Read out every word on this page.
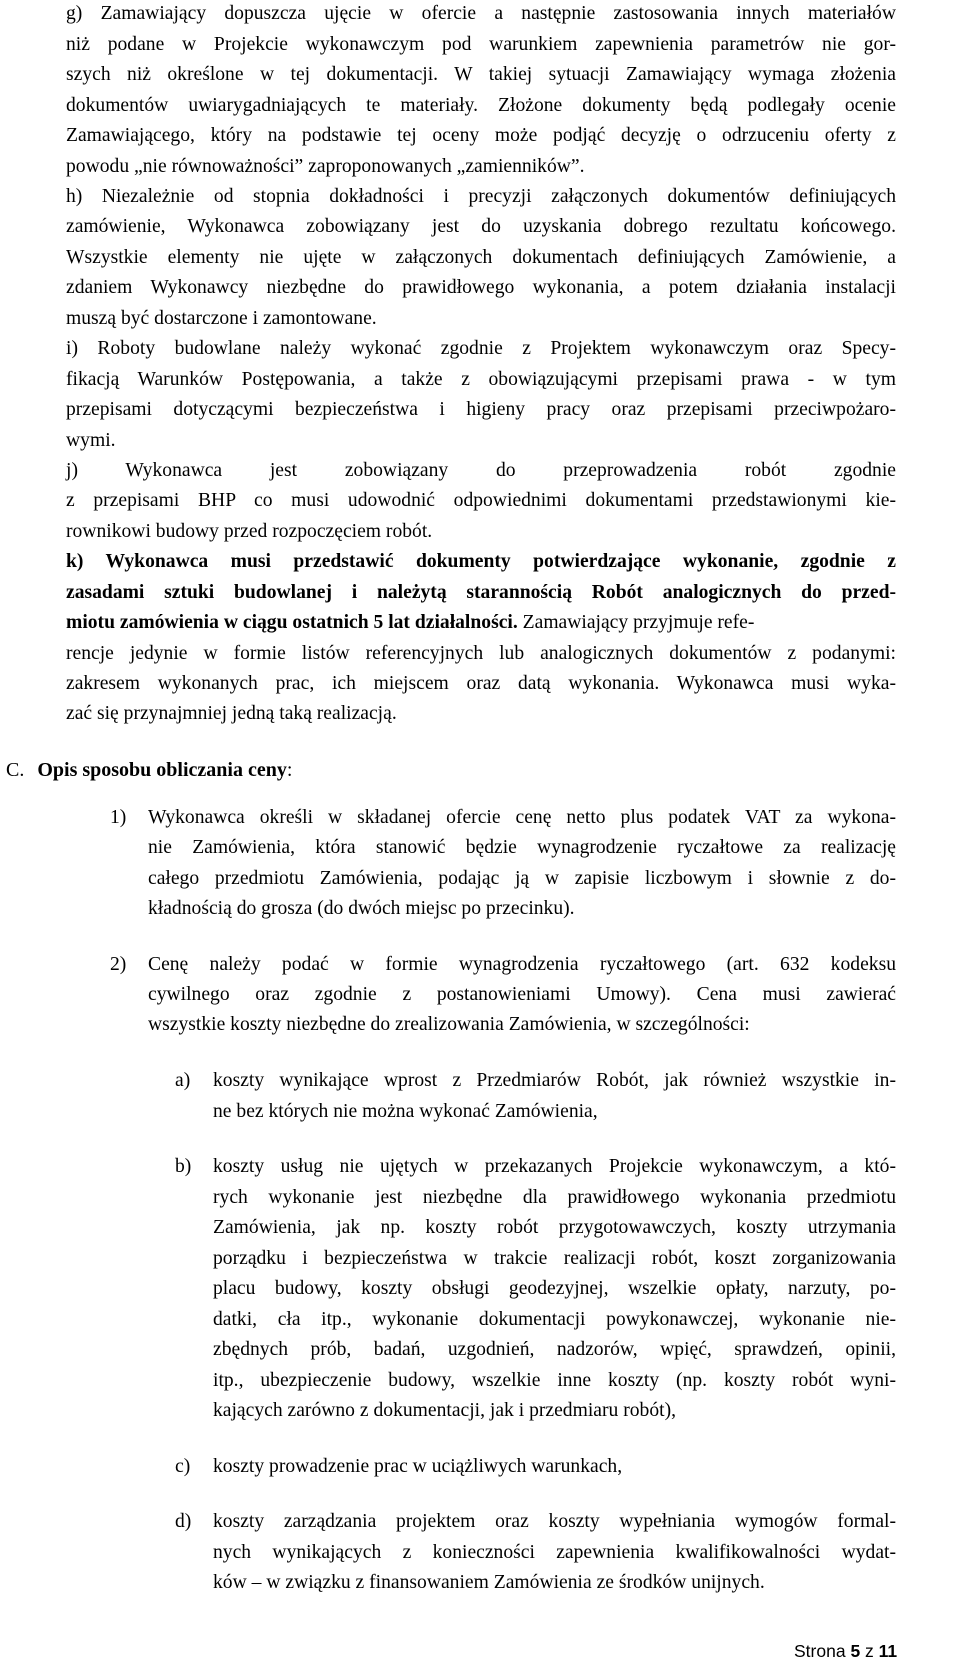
g) Zamawiający dopuszcza ujęcie w ofercie a następnie zastosowania innych materiałów
niż podane w Projekcie wykonawczym pod warunkiem zapewnienia parametrów nie gor-
szych niż określone w tej dokumentacji. W takiej sytuacji Zamawiający wymaga złożenia
dokumentów uwiarygadniających te materiały. Złożone dokumenty będą podlegały ocenie
Zamawiającego, który na podstawie tej oceny może podjąć decyzję o odrzuceniu oferty z
powodu „nie równoważności” zaproponowanych „zamienników”.
h) Niezależnie od stopnia dokładności i precyzji załączonych dokumentów definiujących
zamówienie, Wykonawca zobowiązany jest do uzyskania dobrego rezultatu końcowego.
Wszystkie elementy nie ujęte w załączonych dokumentach definiujących Zamówienie, a
zdaniem Wykonawcy niezbędne do prawidłowego wykonania, a potem działania instalacji
muszą być dostarczone i zamontowane.
i) Roboty budowlane należy wykonać zgodnie z Projektem wykonawczym oraz Specy-
fikacją Warunków Postępowania, a także z obowiązującymi przepisami prawa - w tym
przepisami dotyczącymi bezpieczeństwa i higieny pracy oraz przepisami przeciwpożaro-
wymi.
j) Wykonawca jest zobowiązany do przeprowadzenia robót zgodnie
z przepisami BHP co musi udowodnić odpowiednimi dokumentami przedstawionymi kie-
rownikowi budowy przed rozpoczęciem robót.
k) Wykonawca musi przedstawić dokumenty potwierdzające wykonanie, zgodnie z
zasadami sztuki budowlanej i należytą starannością Robót analogicznych do przed-
miotu zamówienia w ciągu ostatnich 5 lat działalności. Zamawiający przyjmuje refe-
rencje jedynie w formie listów referencyjnych lub analogicznych dokumentów z podanymi:
zakresem wykonanych prac, ich miejscem oraz datą wykonania. Wykonawca musi wyka-
zać się przynajmniej jedną taką realizacją.
C. Opis sposobu obliczania ceny:
1) Wykonawca określi w składanej ofercie cenę netto plus podatek VAT za wykona-
nie Zamówienia, która stanowić będzie wynagrodzenie ryczałtowe za realizację
całego przedmiotu Zamówienia, podając ją w zapisie liczbowym i słownie z do-
kładnością do grosza (do dwóch miejsc po przecinku).
2) Cenę należy podać w formie wynagrodzenia ryczałtowego (art. 632 kodeksu
cywilnego oraz zgodnie z postanowieniami Umowy). Cena musi zawierać
wszystkie koszty niezbędne do zrealizowania Zamówienia, w szczególności:
a) koszty wynikające wprost z Przedmiarów Robót, jak również wszystkie in-
ne bez których nie można wykonać Zamówienia,
b) koszty usług nie ujętych w przekazanych Projekcie wykonawczym, a któ-
rych wykonanie jest niezbędne dla prawidłowego wykonania przedmiotu
Zamówienia, jak np. koszty robót przygotowawczych, koszty utrzymania
porządku i bezpieczeństwa w trakcie realizacji robót, koszt zorganizowania
placu budowy, koszty obsługi geodezyjnej, wszelkie opłaty, narzuty, po-
datki, cła itp., wykonanie dokumentacji powykonawczej, wykonanie nie-
zbędnych prób, badań, uzgodnień, nadzorów, wpięć, sprawdzeń, opinii,
itp., ubezpieczenie budowy, wszelkie inne koszty (np. koszty robót wyni-
kających zarówno z dokumentacji, jak i przedmiaru robót),
c) koszty prowadzenie prac w uciążliwych warunkach,
d) koszty zarządzania projektem oraz koszty wypełniania wymogów formal-
nych wynikających z konieczności zapewnienia kwalifikowalności wydat-
ków – w związku z finansowaniem Zamówienia ze środków unijnych.
Strona 5 z 11
